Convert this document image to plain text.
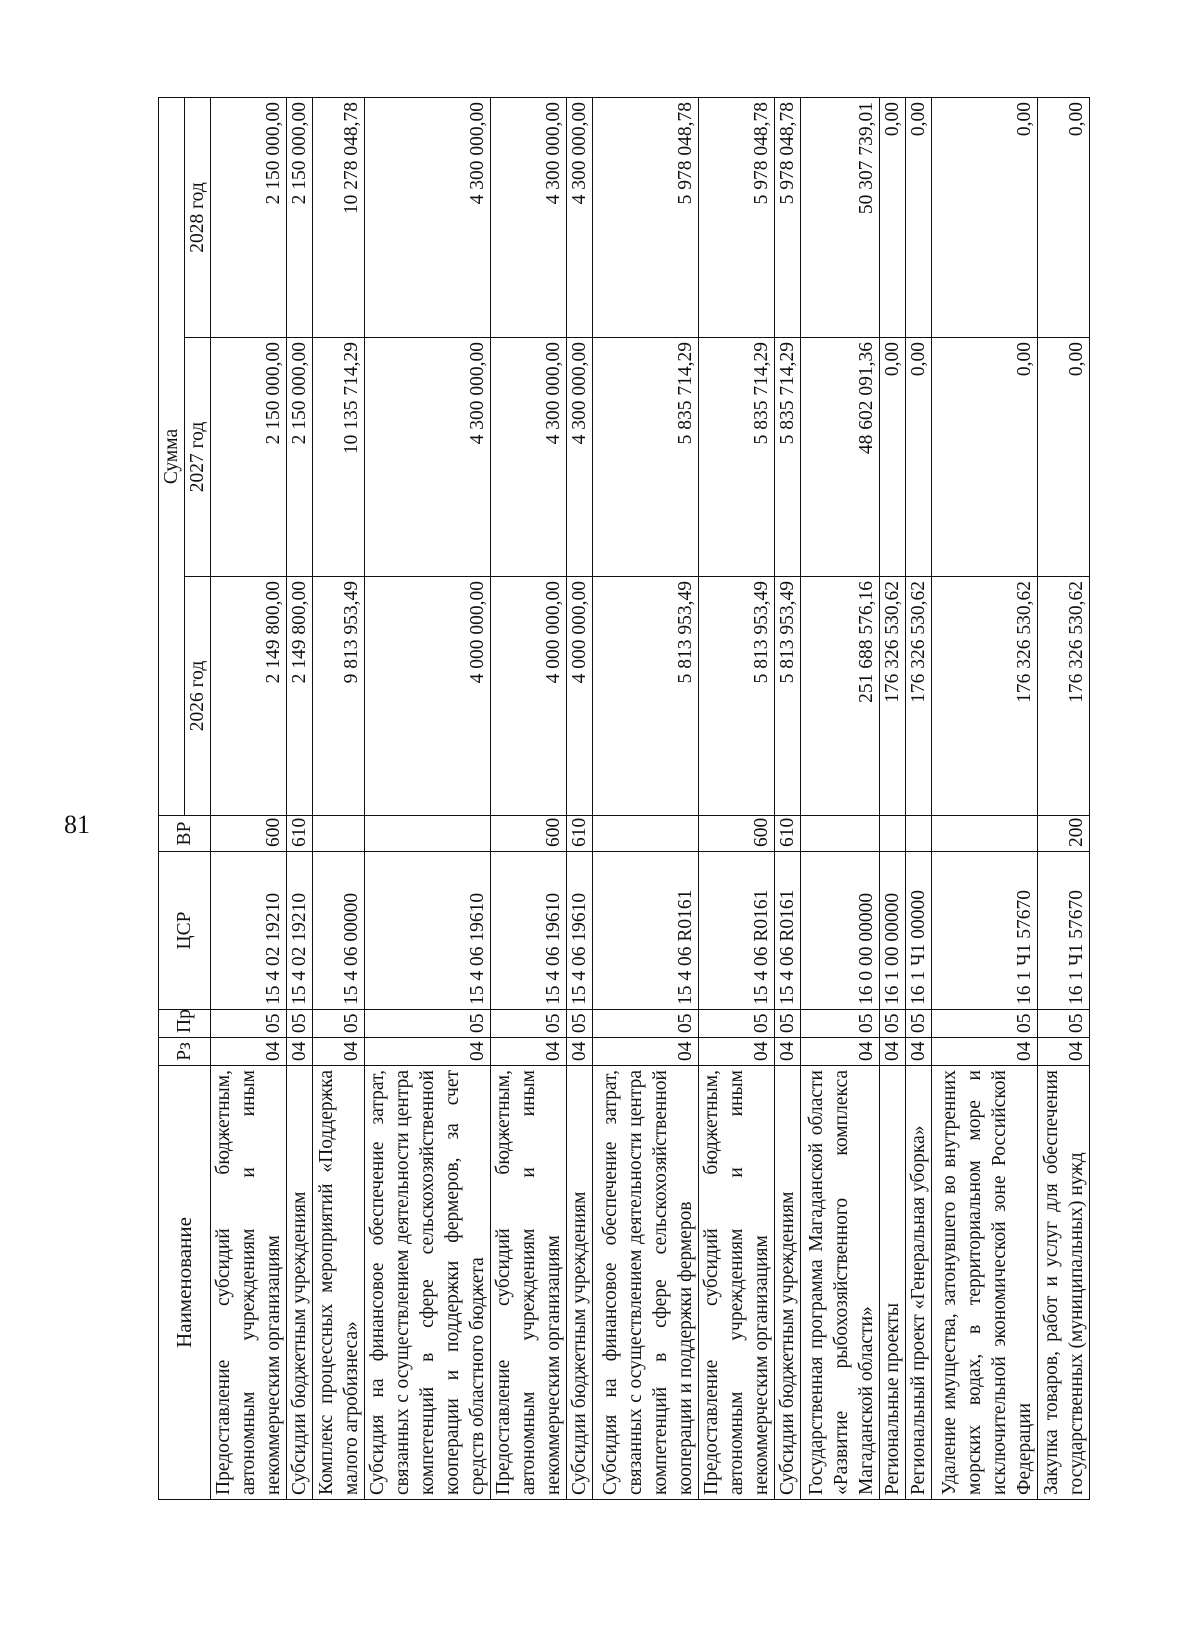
81
Наименование	Рз	Пр	ЦСР	ВР	Сумма		
					2026 год	2027 год	2028 год
Предоставление субсидий бюджетным, автономным учреждениям и иным некоммерческим организациям	04	05	15 4 02 19210	600	2 149 800,00	2 150 000,00	2 150 000,00
Субсидии бюджетным учреждениям	04	05	15 4 02 19210	610	2 149 800,00	2 150 000,00	2 150 000,00
Комплекс процессных мероприятий «Поддержка малого агробизнеса»	04	05	15 4 06 00000		9 813 953,49	10 135 714,29	10 278 048,78
Субсидия на финансовое обеспечение затрат, связанных с осуществлением деятельности центра компетенций в сфере сельскохозяйственной кооперации и поддержки фермеров, за счет средств областного бюджета	04	05	15 4 06 19610		4 000 000,00	4 300 000,00	4 300 000,00
Предоставление субсидий бюджетным, автономным учреждениям и иным некоммерческим организациям	04	05	15 4 06 19610	600	4 000 000,00	4 300 000,00	4 300 000,00
Субсидии бюджетным учреждениям	04	05	15 4 06 19610	610	4 000 000,00	4 300 000,00	4 300 000,00
Субсидия на финансовое обеспечение затрат, связанных с осуществлением деятельности центра компетенций в сфере сельскохозяйственной кооперации и поддержки фермеров	04	05	15 4 06 R0161		5 813 953,49	5 835 714,29	5 978 048,78
Предоставление субсидий бюджетным, автономным учреждениям и иным некоммерческим организациям	04	05	15 4 06 R0161	600	5 813 953,49	5 835 714,29	5 978 048,78
Субсидии бюджетным учреждениям	04	05	15 4 06 R0161	610	5 813 953,49	5 835 714,29	5 978 048,78
Государственная программа Магаданской области «Развитие рыбохозяйственного комплекса Магаданской области»	04	05	16 0 00 00000		251 688 576,16	48 602 091,36	50 307 739,01
Региональные проекты	04	05	16 1 00 00000		176 326 530,62	0,00	0,00
Региональный проект «Генеральная уборка»	04	05	16 1 Ч1 00000		176 326 530,62	0,00	0,00
Удаление имущества, затонувшего во внутренних морских водах, в территориальном море и исключительной экономической зоне Российской Федерации	04	05	16 1 Ч1 57670		176 326 530,62	0,00	0,00
Закупка товаров, работ и услуг для обеспечения государственных (муниципальных) нужд	04	05	16 1 Ч1 57670	200	176 326 530,62	0,00	0,00
